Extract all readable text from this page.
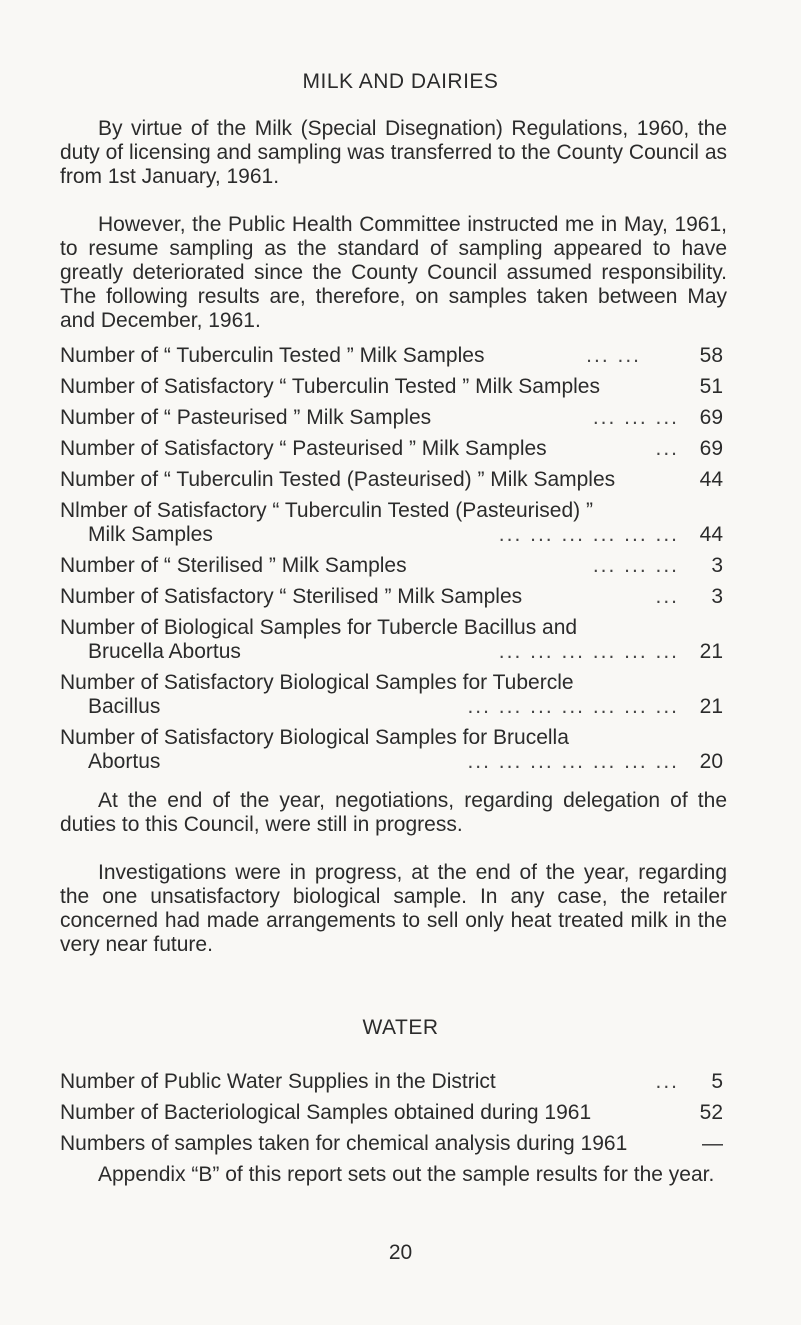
MILK AND DAIRIES
By virtue of the Milk (Special Disegnation) Regulations, 1960, the duty of licensing and sampling was transferred to the County Council as from 1st January, 1961.
However, the Public Health Committee instructed me in May, 1961, to resume sampling as the standard of sampling appeared to have greatly deteriorated since the County Council assumed responsibility. The following results are, therefore, on samples taken between May and December, 1961.
Number of “ Tuberculin Tested ” Milk Samples	... ...	58
Number of Satisfactory “ Tuberculin Tested ” Milk Samples	51
Number of “ Pasteurised ” Milk Samples	... ... ... 69
Number of Satisfactory “ Pasteurised ” Milk Samples	... 69
Number of “ Tuberculin Tested (Pasteurised) ” Milk Samples	44
Nlmber of Satisfactory “ Tuberculin Tested (Pasteurised) ”
Milk Samples	... ... ... ... ... ... 44
Number of “ Sterilised ” Milk Samples	... ... ... 3
Number of Satisfactory “ Sterilised ” Milk Samples	... 3
Number of Biological Samples for Tubercle Bacillus and
Brucella Abortus	... ... ... ... ... ... 21
Number of Satisfactory Biological Samples for Tubercle
Bacillus	... ... ... ... ... ... ... 21
Number of Satisfactory Biological Samples for Brucella
Abortus	... ... ... ... ... ... ... 20
At the end of the year, negotiations, regarding delegation of the duties to this Council, were still in progress.
Investigations were in progress, at the end of the year, regarding the one unsatisfactory biological sample. In any case, the retailer concerned had made arrangements to sell only heat treated milk in the very near future.
WATER
Number of Public Water Supplies in the District	... 5
Number of Bacteriological Samples obtained during 1961	52
Numbers of samples taken for chemical analysis during 1961	—
Appendix “B” of this report sets out the sample results for the year.
20
